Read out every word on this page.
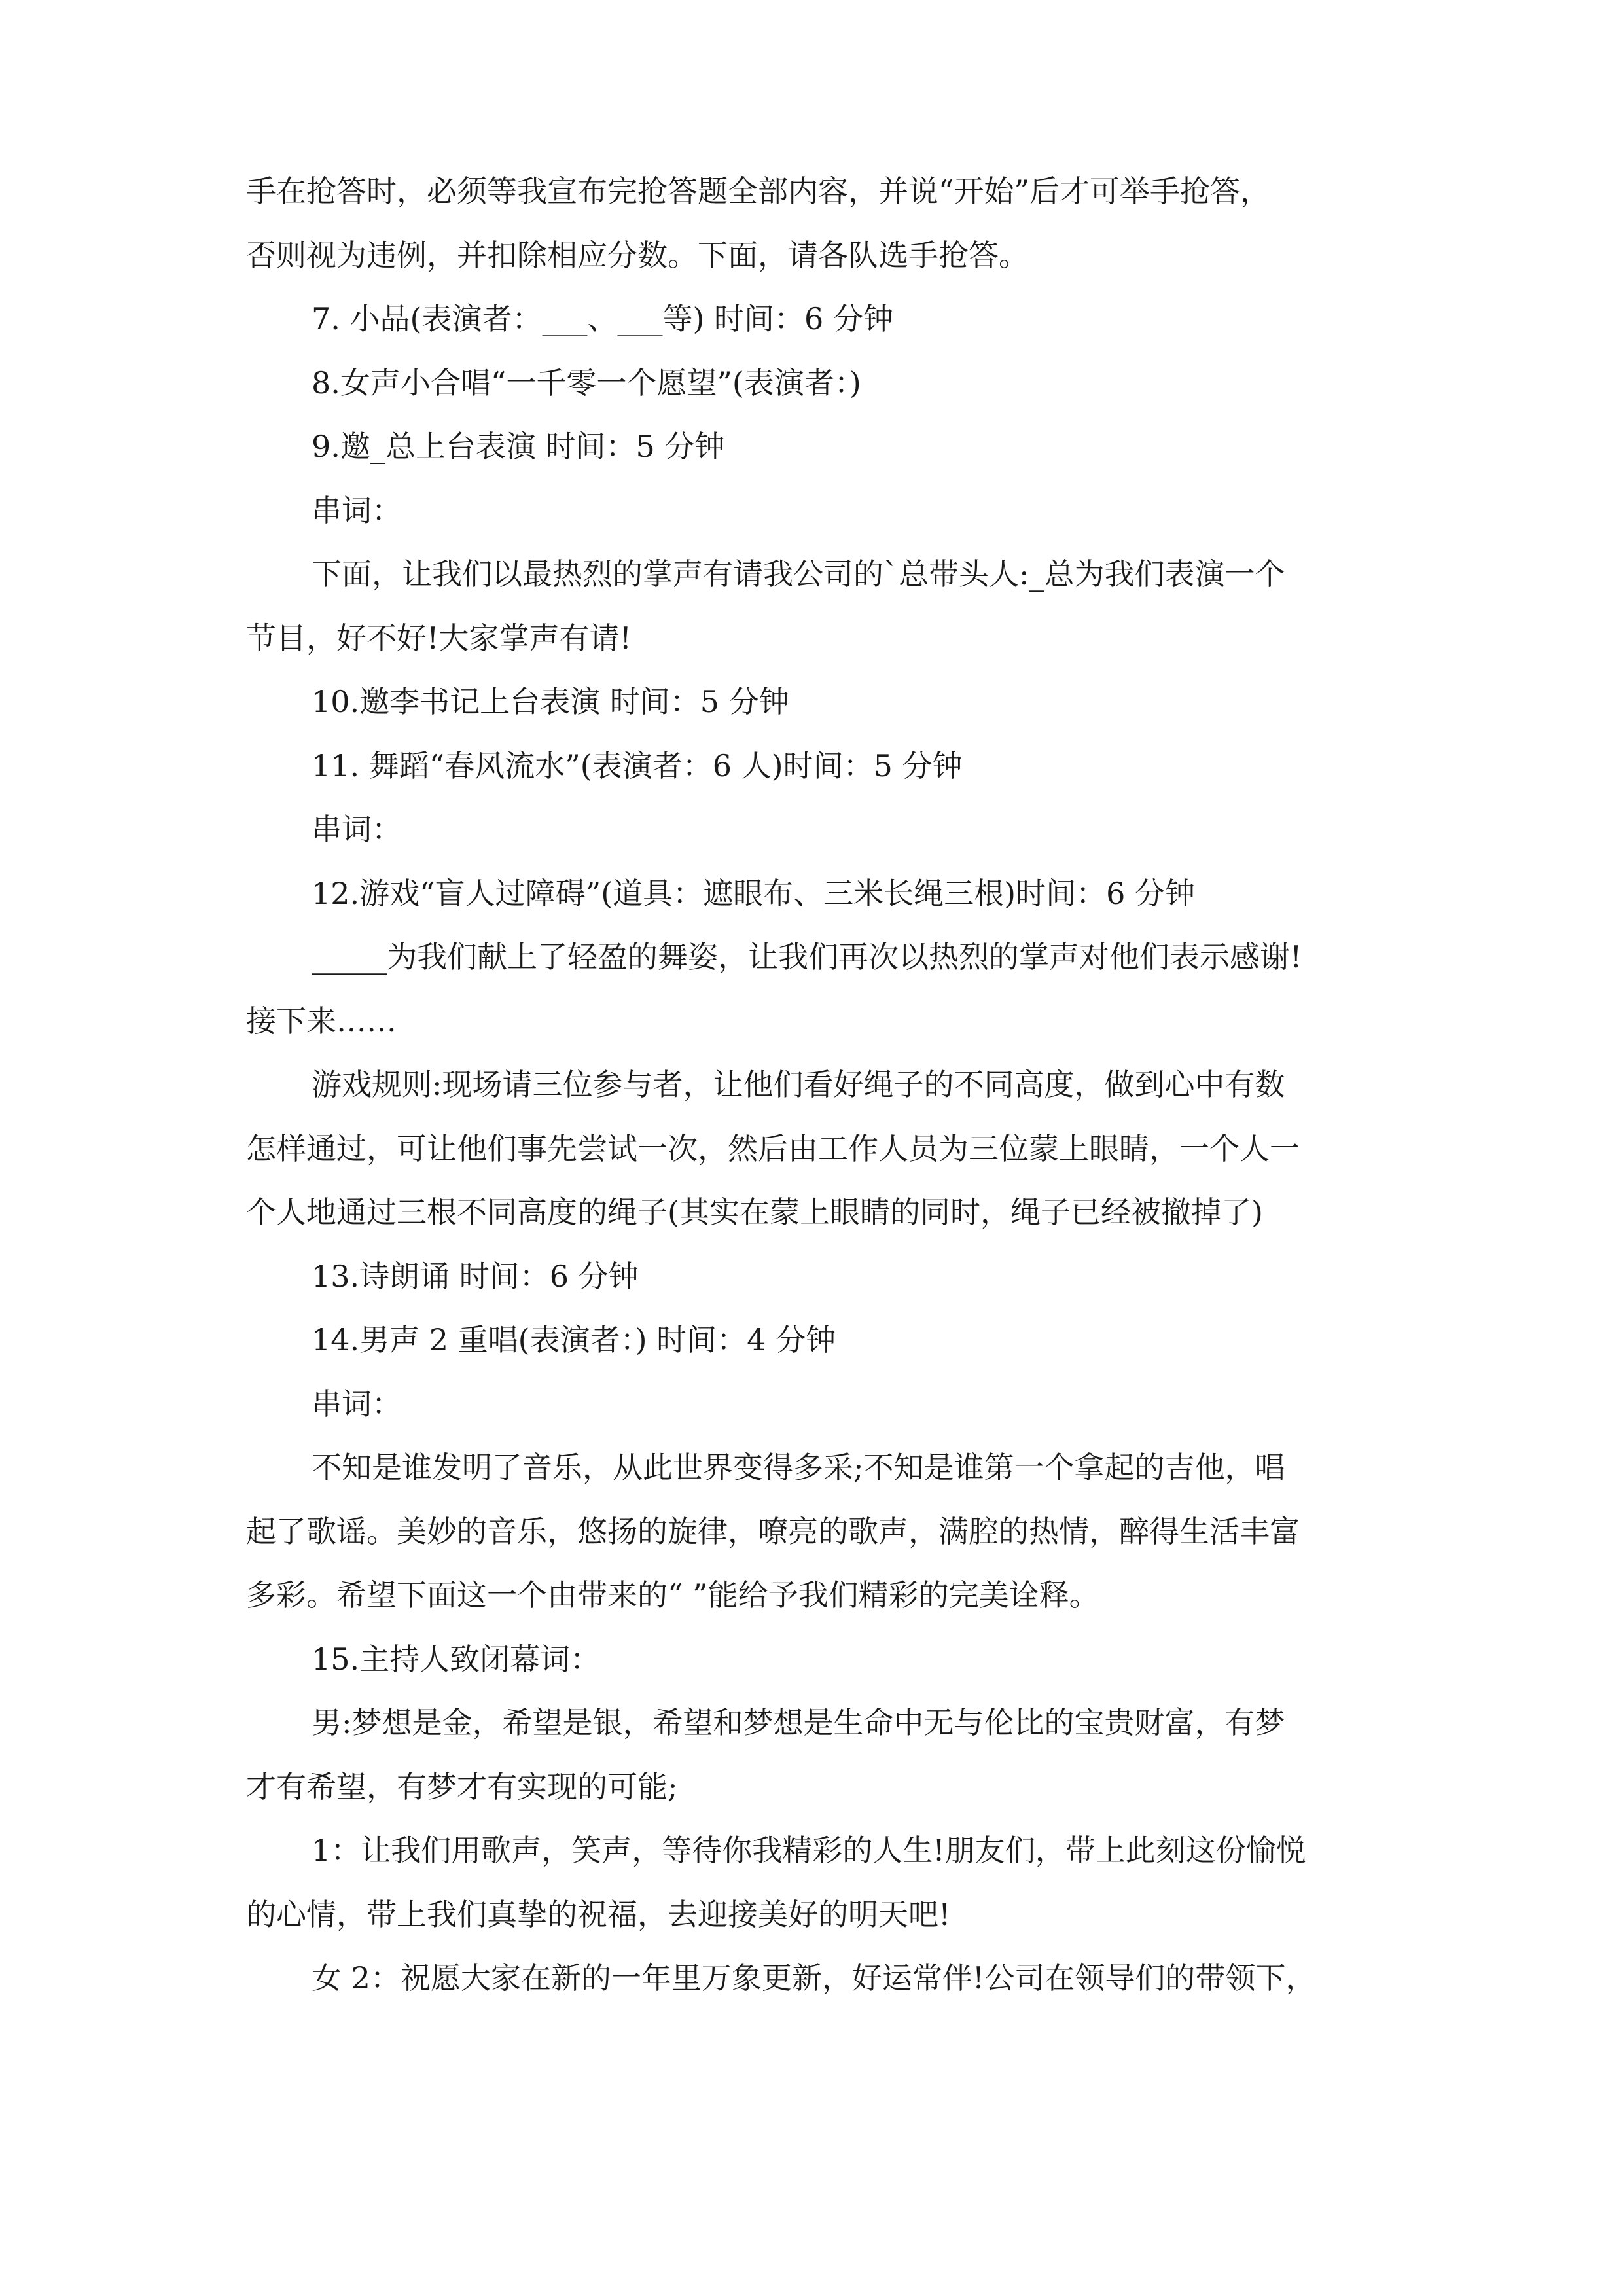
手在抢答时，必须等我宣布完抢答题全部内容，并说“开始”后才可举手抢答，
否则视为违例，并扣除相应分数。下面，请各队选手抢答。
7. 小品(表演者：___、___等) 时间：6 分钟
8.女声小合唱“一千零一个愿望”(表演者：)
9.邀_总上台表演 时间：5 分钟
串词：
下面，让我们以最热烈的掌声有请我公司的`总带头人:_总为我们表演一个
节目，好不好!大家掌声有请!
10.邀李书记上台表演 时间：5 分钟
11. 舞蹈“春风流水”(表演者：6 人)时间：5 分钟
串词：
12.游戏“盲人过障碍”(道具：遮眼布、三米长绳三根)时间：6 分钟
_____为我们献上了轻盈的舞姿，让我们再次以热烈的掌声对他们表示感谢!
接下来……
游戏规则:现场请三位参与者，让他们看好绳子的不同高度，做到心中有数
怎样通过，可让他们事先尝试一次，然后由工作人员为三位蒙上眼睛，一个人一
个人地通过三根不同高度的绳子(其实在蒙上眼睛的同时，绳子已经被撤掉了)
13.诗朗诵 时间：6 分钟
14.男声 2 重唱(表演者：) 时间：4 分钟
串词：
不知是谁发明了音乐，从此世界变得多采;不知是谁第一个拿起的吉他，唱
起了歌谣。美妙的音乐，悠扬的旋律，嘹亮的歌声，满腔的热情，醉得生活丰富
多彩。希望下面这一个由带来的“ ”能给予我们精彩的完美诠释。
15.主持人致闭幕词：
男:梦想是金，希望是银，希望和梦想是生命中无与伦比的宝贵财富，有梦
才有希望，有梦才有实现的可能;
1：让我们用歌声，笑声，等待你我精彩的人生!朋友们，带上此刻这份愉悦
的心情，带上我们真挚的祝福，去迎接美好的明天吧!
女 2：祝愿大家在新的一年里万象更新，好运常伴!公司在领导们的带领下，
